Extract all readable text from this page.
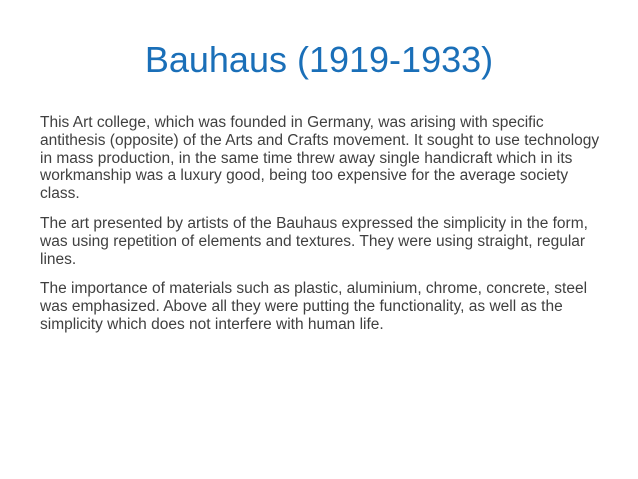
Bauhaus (1919-1933)

This Art college, which was founded in Germany, was arising with specific antithesis (opposite) of the Arts and Crafts movement. It sought to use technology in mass production, in the same time threw away single handicraft which in its workmanship was a luxury good, being too expensive for the average society class.

The art presented by artists of the Bauhaus expressed the simplicity in the form, was using repetition of elements and textures. They were using straight, regular lines.

The importance of materials such as plastic, aluminium, chrome, concrete, steel was emphasized. Above all they were putting the functionality, as well as the simplicity which does not interfere with human life.
